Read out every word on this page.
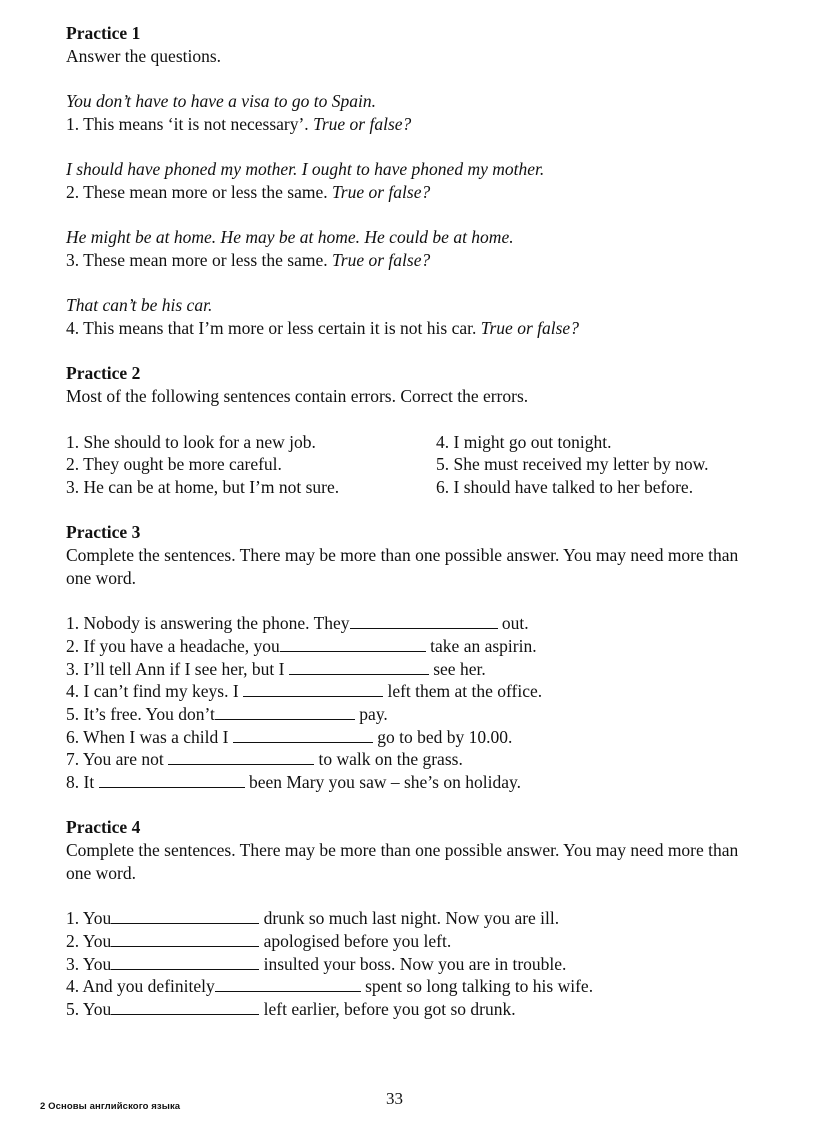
Practice 1
Answer the questions.
You don’t have to have a visa to go to Spain.
1. This means ‘it is not necessary’. True or false?
I should have phoned my mother. I ought to have phoned my mother.
2. These mean more or less the same. True or false?
He might be at home. He may be at home. He could be at home.
3. These mean more or less the same. True or false?
That can’t be his car.
4. This means that I’m more or less certain it is not his car. True or false?
Practice 2
Most of the following sentences contain errors. Correct the errors.
1. She should to look for a new job.
2. They ought be more careful.
3. He can be at home, but I’m not sure.
4. I might go out tonight.
5. She must received my letter by now.
6. I should have talked to her before.
Practice 3
Complete the sentences. There may be more than one possible answer. You may need more than one word.
1. Nobody is answering the phone. They	out.
2. If you have a headache, you	take an aspirin.
3. I’ll tell Ann if I see her, but I	see her.
4. I can’t find my keys. I	left them at the office.
5. It’s free. You don’t	pay.
6. When I was a child I	go to bed by 10.00.
7. You are not	to walk on the grass.
8. It	been Mary you saw – she’s on holiday.
Practice 4
Complete the sentences. There may be more than one possible answer. You may need more than one word.
1. You	drunk so much last night. Now you are ill.
2. You	apologised before you left.
3. You	insulted your boss. Now you are in trouble.
4. And you definitely	spent so long talking to his wife.
5. You	left earlier, before you got so drunk.
2 Основы английского языка	33
